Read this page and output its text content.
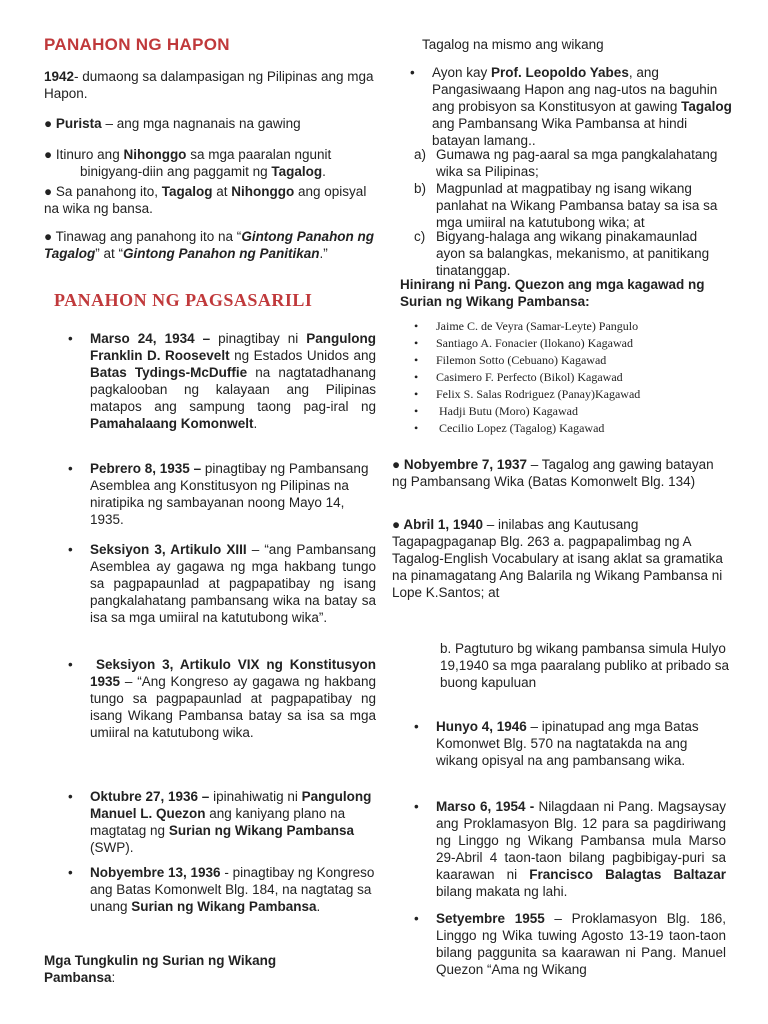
PANAHON NG HAPON

1942- dumaong sa dalampasigan ng Pilipinas ang mga Hapon.

● Purista – ang mga nagnanais na gawing

● Itinuro ang Nihonggo sa mga paaralan ngunit
binigyang-diin ang paggamit ng Tagalog.

● Sa panahong ito, Tagalog at Nihonggo ang opisyal na wika ng bansa.

● Tinawag ang panahong ito na “Gintong Panahon ng Tagalog” at “Gintong Panahon ng Panitikan.”

PANAHON NG PAGSASARILI

• Marso 24, 1934 – pinagtibay ni Pangulong Franklin D. Roosevelt ng Estados Unidos ang Batas Tydings-McDuffie na nagtatadhanang pagkalooban ng kalayaan ang Pilipinas matapos ang sampung taong pag-iral ng Pamahalaang Komonwelt.

• Pebrero 8, 1935 – pinagtibay ng Pambansang Asemblea ang Konstitusyon ng Pilipinas na niratipika ng sambayanan noong Mayo 14, 1935.

• Seksiyon 3, Artikulo XIII – “ang Pambansang Asemblea ay gagawa ng mga hakbang tungo sa pagpapaunlad at pagpapatibay ng isang pangkalahatang pambansang wika na batay sa isa sa mga umiiral na katutubong wika”.

• Seksiyon 3, Artikulo VIX ng Konstitusyon 1935 – “Ang Kongreso ay gagawa ng hakbang tungo sa pagpapaunlad at pagpapatibay ng isang Wikang Pambansa batay sa isa sa mga umiiral na katutubong wika.

• Oktubre 27, 1936 – ipinahiwatig ni Pangulong Manuel L. Quezon ang kaniyang plano na magtatag ng Surian ng Wikang Pambansa (SWP).

• Nobyembre 13, 1936 - pinagtibay ng Kongreso ang Batas Komonwelt Blg. 184, na nagtatag sa unang Surian ng Wikang Pambansa.

Mga Tungkulin ng Surian ng Wikang Pambansa:

Tagalog na mismo ang wikang

• Ayon kay Prof. Leopoldo Yabes, ang Pangasiwaang Hapon ang nag-utos na baguhin ang probisyon sa Konstitusyon at gawing Tagalog ang Pambansang Wika Pambansa at hindi batayan lamang..

a) Gumawa ng pag-aaral sa mga pangkalahatang wika sa Pilipinas;

b) Magpunlad at magpatibay ng isang wikang panlahat na Wikang Pambansa batay sa isa sa mga umiiral na katutubong wika; at

c) Bigyang-halaga ang wikang pinakamaunlad ayon sa balangkas, mekanismo, at panitikang tinatanggap.

Hinirang ni Pang. Quezon ang mga kagawad ng Surian ng Wikang Pambansa:

• Jaime C. de Veyra (Samar-Leyte) Pangulo
• Santiago A. Fonacier (Ilokano) Kagawad
• Filemon Sotto (Cebuano) Kagawad
• Casimero F. Perfecto (Bikol) Kagawad
• Felix S. Salas Rodriguez (Panay)Kagawad
•  Hadji Butu (Moro) Kagawad
•  Cecilio Lopez (Tagalog) Kagawad

● Nobyembre 7, 1937 – Tagalog ang gawing batayan ng Pambansang Wika (Batas Komonwelt Blg. 134)

● Abril 1, 1940 – inilabas ang Kautusang Tagapagpaganap Blg. 263 a. pagpapalimbag ng A Tagalog-English Vocabulary at isang aklat sa gramatika na pinamagatang Ang Balarila ng Wikang Pambansa ni Lope K.Santos; at

b. Pagtuturo bg wikang pambansa simula Hulyo 19,1940 sa mga paaralang publiko at pribado sa buong kapuluan

• Hunyo 4, 1946 – ipinatupad ang mga Batas Komonwet Blg. 570 na nagtatakda na ang wikang opisyal na ang pambansang wika.

• Marso 6, 1954 - Nilagdaan ni Pang. Magsaysay ang Proklamasyon Blg. 12 para sa pagdiriwang ng Linggo ng Wikang Pambansa mula Marso 29-Abril 4 taon-taon bilang pagbibigay-puri sa kaarawan ni Francisco Balagtas Baltazar bilang makata ng lahi.

• Setyembre 1955 – Proklamasyon Blg. 186, Linggo ng Wika tuwing Agosto 13-19 taon-taon bilang paggunita sa kaarawan ni Pang. Manuel Quezon “Ama ng Wikang
